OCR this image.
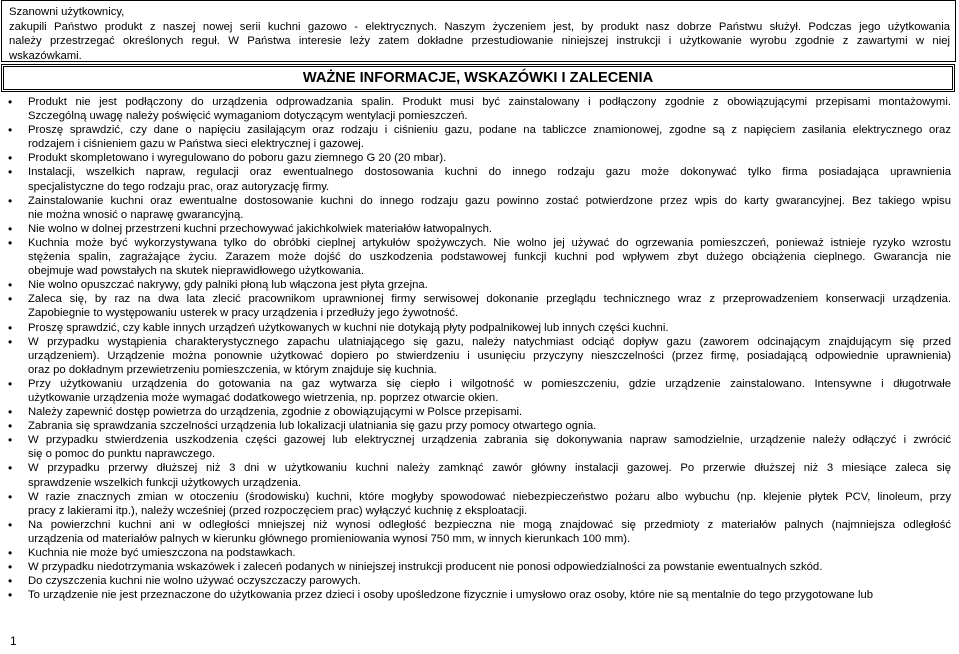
Szanowni użytkownicy,
zakupili Państwo produkt z naszej nowej serii kuchni gazowo - elektrycznych. Naszym życzeniem jest, by produkt nasz dobrze Państwu służył. Podczas jego użytkowania
należy przestrzegać określonych reguł. W Państwa interesie leży zatem dokładne przestudiowanie niniejszej instrukcji i użytkowanie wyrobu zgodnie z zawartymi w niej
wskazówkami.
WAŻNE INFORMACJE, WSKAZÓWKI I ZALECENIA
• Produkt nie jest podłączony do urządzenia odprowadzania spalin. Produkt musi być zainstalowany i podłączony zgodnie z obowiązującymi przepisami montażowymi.
Szczególną uwagę należy poświęcić wymaganiom dotyczącym wentylacji pomieszczeń.
• Proszę sprawdzić, czy dane o napięciu zasilającym oraz rodzaju i ciśnieniu gazu, podane na tabliczce znamionowej, zgodne są z napięciem zasilania elektrycznego oraz
rodzajem i ciśnieniem gazu w Państwa sieci elektrycznej i gazowej.
• Produkt skompletowano i wyregulowano do poboru gazu ziemnego G 20 (20 mbar).
• Instalacji, wszelkich napraw, regulacji oraz ewentualnego dostosowania kuchni do innego rodzaju gazu może dokonywać tylko firma posiadająca uprawnienia
specjalistyczne do tego rodzaju prac, oraz autoryzację firmy.
• Zainstalowanie kuchni oraz ewentualne dostosowanie kuchni do innego rodzaju gazu powinno zostać potwierdzone przez wpis do karty gwarancyjnej. Bez takiego wpisu
nie można wnosić o naprawę gwarancyjną.
• Nie wolno w dolnej przestrzeni kuchni przechowywać jakichkolwiek materiałów łatwopalnych.
• Kuchnia może być wykorzystywana tylko do obróbki cieplnej artykułów spożywczych. Nie wolno jej używać do ogrzewania pomieszczeń, ponieważ istnieje ryzyko wzrostu
stężenia spalin, zagrażające życiu. Zarazem może dojść do uszkodzenia podstawowej funkcji kuchni pod wpływem zbyt dużego obciążenia cieplnego. Gwarancja nie
obejmuje wad powstałych na skutek nieprawidłowego użytkowania.
• Nie wolno opuszczać nakrywy, gdy palniki płoną lub włączona jest płyta grzejna.
• Zaleca się, by raz na dwa lata zlecić pracownikom uprawnionej firmy serwisowej dokonanie przeglądu technicznego wraz z przeprowadzeniem konserwacji urządzenia.
Zapobiegnie to występowaniu usterek w pracy urządzenia i przedłuży jego żywotność.
• Proszę sprawdzić, czy kable innych urządzeń użytkowanych w kuchni nie dotykają płyty podpalnikowej lub innych części kuchni.
• W przypadku wystąpienia charakterystycznego zapachu ulatniającego się gazu, należy natychmiast odciąć dopływ gazu (zaworem odcinającym znajdującym się przed
urządzeniem). Urządzenie można ponownie użytkować dopiero po stwierdzeniu i usunięciu przyczyny nieszczelności (przez firmę, posiadającą odpowiednie uprawnienia)
oraz po dokładnym przewietrzeniu pomieszczenia, w którym znajduje się kuchnia.
• Przy użytkowaniu urządzenia do gotowania na gaz wytwarza się ciepło i wilgotność w pomieszczeniu, gdzie urządzenie zainstalowano. Intensywne i długotrwałe
użytkowanie urządzenia może wymagać dodatkowego wietrzenia, np. poprzez otwarcie okien.
• Należy zapewnić dostęp powietrza do urządzenia, zgodnie z obowiązującymi w Polsce przepisami.
• Zabrania się sprawdzania szczelności urządzenia lub lokalizacji ulatniania się gazu przy pomocy otwartego ognia.
• W przypadku stwierdzenia uszkodzenia części gazowej lub elektrycznej urządzenia zabrania się dokonywania napraw samodzielnie, urządzenie należy odłączyć i zwrócić
się o pomoc do punktu naprawczego.
• W przypadku przerwy dłuższej niż 3 dni w użytkowaniu kuchni należy zamknąć zawór główny instalacji gazowej. Po przerwie dłuższej niż 3 miesiące zaleca się
sprawdzenie wszelkich funkcji użytkowych urządzenia.
• W razie znacznych zmian w otoczeniu (środowisku) kuchni, które mogłyby spowodować niebezpieczeństwo pożaru albo wybuchu (np. klejenie płytek PCV, linoleum, przy
pracy z lakierami itp.), należy wcześniej (przed rozpoczęciem prac) wyłączyć kuchnię z eksploatacji.
• Na powierzchni kuchni ani w odległości mniejszej niż wynosi odległość bezpieczna nie mogą znajdować się przedmioty z materiałów palnych (najmniejsza odległość
urządzenia od materiałów palnych w kierunku głównego promieniowania wynosi 750 mm, w innych kierunkach 100 mm).
• Kuchnia nie może być umieszczona na podstawkach.
• W przypadku niedotrzymania wskazówek i zaleceń podanych w niniejszej instrukcji producent nie ponosi odpowiedzialności za powstanie ewentualnych szkód.
• Do czyszczenia kuchni nie wolno używać oczyszczaczy parowych.
• To urządzenie nie jest przeznaczone do użytkowania przez dzieci i osoby upośledzone fizycznie i umysłowo oraz osoby, które nie są mentalnie do tego przygotowane lub
1
